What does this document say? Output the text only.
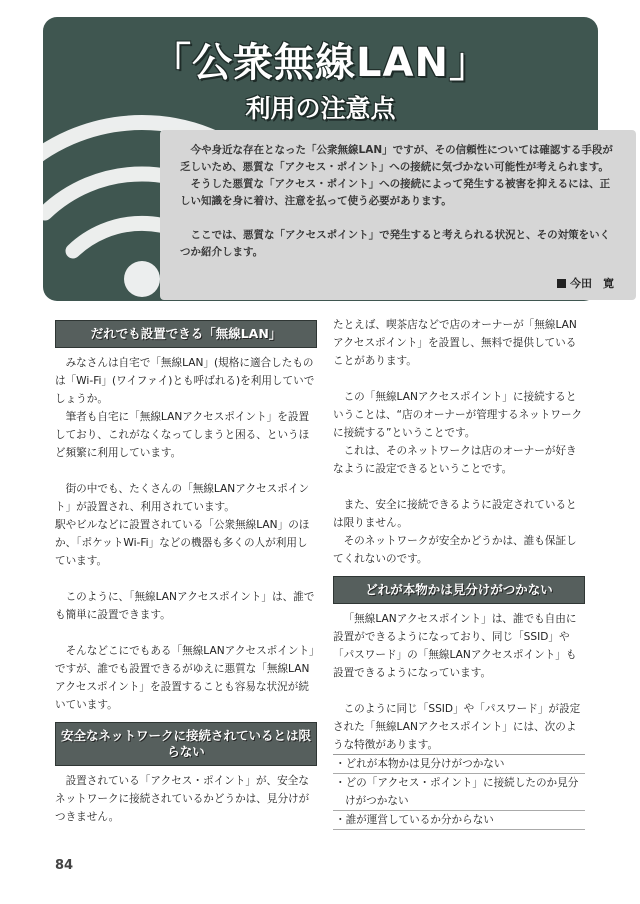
「公衆無線LAN」
利用の注意点

今や身近な存在となった「公衆無線LAN」ですが、その信頼性については確認する手段が乏しいため、悪質な「アクセス・ポイント」への接続に気づかない可能性が考えられます。

そうした悪質な「アクセス・ポイント」への接続によって発生する被害を抑えるには、正しい知識を身に着け、注意を払って使う必要があります。

ここでは、悪質な「アクセスポイント」で発生すると考えられる状況と、その対策をいくつか紹介します。

今田　寛
だれでも設置できる「無線LAN」

みなさんは自宅で「無線LAN」(規格に適合したものは「Wi-Fi」(ワイファイ)とも呼ばれる)を利用していでしょうか。

筆者も自宅に「無線LANアクセスポイント」を設置しており、これがなくなってしまうと困る、というほど頻繁に利用しています。

街の中でも、たくさんの「無線LANアクセスポイント」が設置され、利用されています。

駅やビルなどに設置されている「公衆無線LAN」のほか、「ポケットWi-Fi」などの機器も多くの人が利用しています。

このように、「無線LANアクセスポイント」は、誰でも簡単に設置できます。

そんなどこにでもある「無線LANアクセスポイント」ですが、誰でも設置できるがゆえに悪質な「無線LANアクセスポイント」を設置することも容易な状況が続いています。

安全なネットワークに接続されているとは限らない

設置されている「アクセス・ポイント」が、安全なネットワークに接続されているかどうかは、見分けがつきません。

たとえば、喫茶店などで店のオーナーが「無線LANアクセスポイント」を設置し、無料で提供していることがあります。

この「無線LANアクセスポイント」に接続するということは、“店のオーナーが管理するネットワークに接続する”ということです。

これは、そのネットワークは店のオーナーが好きなように設定できるということです。

また、安全に接続できるように設定されているとは限りません。

そのネットワークが安全かどうかは、誰も保証してくれないのです。

どれが本物かは見分けがつかない

「無線LANアクセスポイント」は、誰でも自由に設置ができるようになっており、同じ「SSID」や「パスワード」の「無線LANアクセスポイント」も設置できるようになっています。

このように同じ「SSID」や「パスワード」が設定された「無線LANアクセスポイント」には、次のような特徴があります。

・どれが本物かは見分けがつかない
・どの「アクセス・ポイント」に接続したのか見分けがつかない
・誰が運営しているか分からない
84
